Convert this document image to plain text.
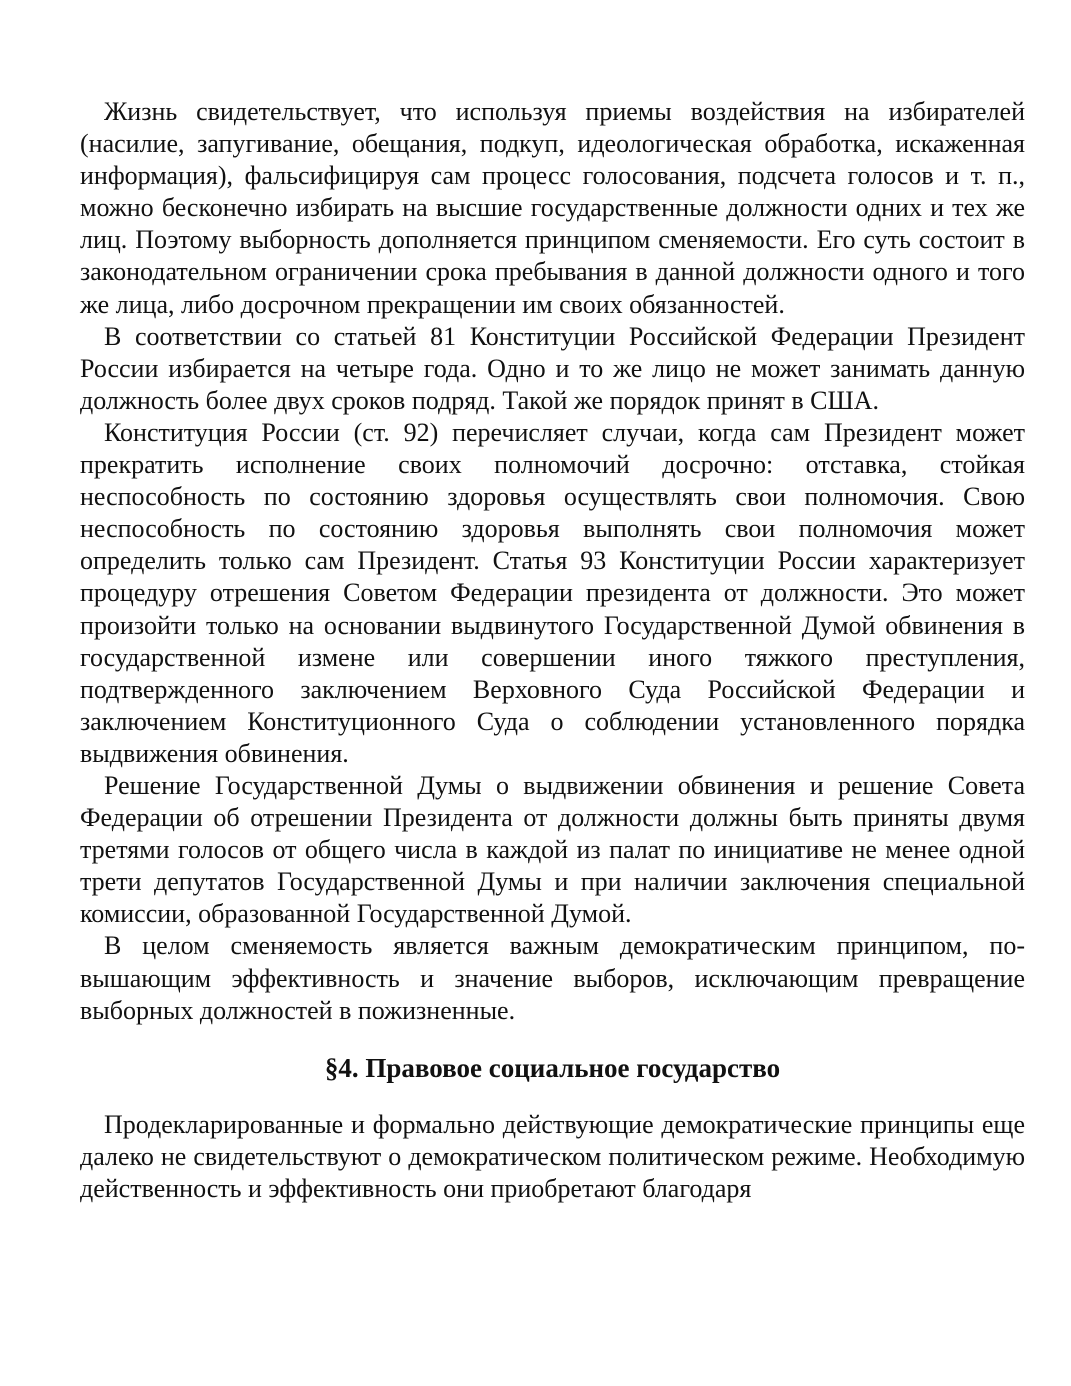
Жизнь свидетельствует, что используя приемы воздействия на избирателей (насилие, запугивание, обещания, подкуп, идеологическая обработка, искаженная информация), фальсифицируя сам процесс голосования, подсчета голосов и т. п., можно бесконечно избирать на высшие государственные должности одних и тех же лиц. Поэтому выборность дополняется принципом сменяемости. Его суть состоит в законодательном ограничении срока пребывания в данной должности одного и того же лица, либо досрочном прекращении им своих обязанностей.

В соответствии со статьей 81 Конституции Российской Федерации Президент России избирается на четыре года. Одно и то же лицо не может занимать данную должность более двух сроков подряд. Такой же порядок принят в США.

Конституция России (ст. 92) перечисляет случаи, когда сам Президент может прекратить исполнение своих полномочий досрочно: отставка, стойкая неспособность по состоянию здоровья осуществлять свои полномочия. Свою неспособность по состоянию здоровья выполнять свои полномочия может определить только сам Президент. Статья 93 Конституции России характеризует процедуру отрешения Советом Федерации президента от должности. Это может произойти только на основании выдвинутого Государственной Думой обвинения в государственной измене или совершении иного тяжкого преступления, подтвержденного заключением Верховного Суда Российской Федерации и заключением Конституционного Суда о соблюдении установленного порядка выдвижения обвинения.

Решение Государственной Думы о выдвижении обвинения и решение Совета Федерации об отрешении Президента от должности должны быть приняты двумя третями голосов от общего числа в каждой из палат по инициативе не менее одной трети депутатов Государственной Думы и при наличии заключения специальной комиссии, образованной Государственной Думой.

В целом сменяемость является важным демократическим принципом, повышающим эффективность и значение выборов, исключающим превращение выборных должностей в пожизненные.

§4. Правовое социальное государство

Продекларированные и формально действующие демократические принципы еще далеко не свидетельствуют о демократическом политическом режиме. Необходимую действенность и эффективность они приобретают благодаря
